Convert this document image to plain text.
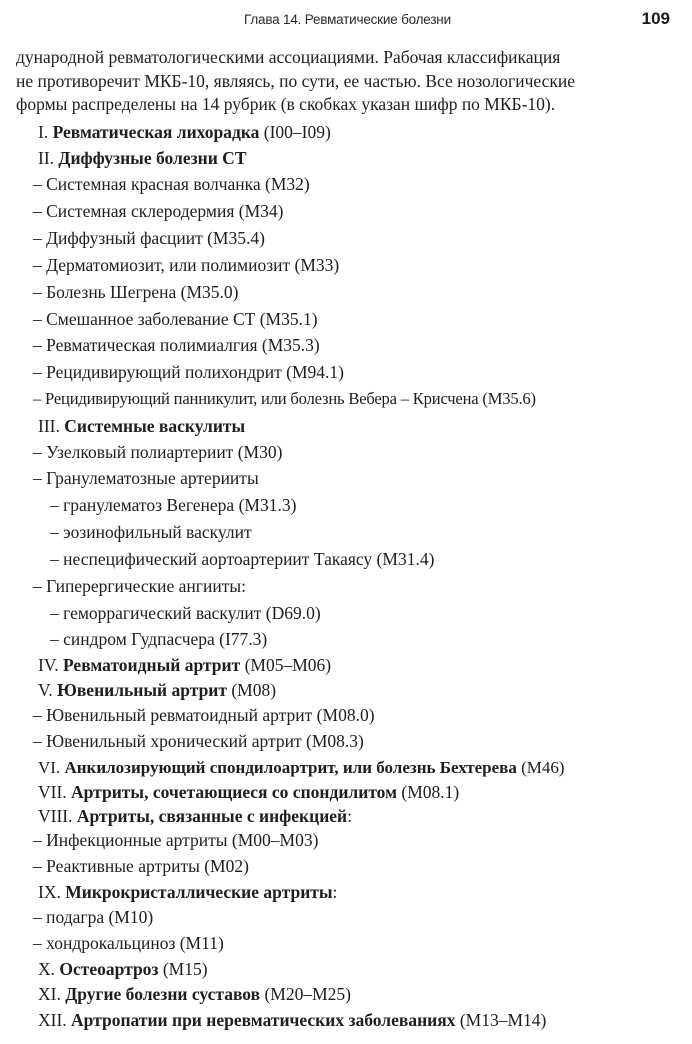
Глава 14. Ревматические болезни	109
дународной ревматологическими ассоциациями. Рабочая классификация
не противоречит МКБ-10, являясь, по сути, ее частью. Все нозологические
формы распределены на 14 рубрик (в скобках указан шифр по МКБ-10).
I. Ревматическая лихорадка (I00–I09)
II. Диффузные болезни СТ
– Системная красная волчанка (М32)
– Системная склеродермия (М34)
– Диффузный фасциит (М35.4)
– Дерматомиозит, или полимиозит (М33)
– Болезнь Шегрена (М35.0)
– Смешанное заболевание СТ (М35.1)
– Ревматическая полимиалгия (М35.3)
– Рецидивирующий полихондрит (М94.1)
– Рецидивирующий панникулит, или болезнь Вебера – Крисчена (М35.6)
III. Системные васкулиты
– Узелковый полиартериит (М30)
– Гранулематозные артерииты
– гранулематоз Вегенера (М31.3)
– эозинофильный васкулит
– неспецифический аортоартериит Такаясу (М31.4)
– Гиперергические ангииты:
– геморрагический васкулит (D69.0)
– синдром Гудпасчера (I77.3)
IV. Ревматоидный артрит (М05–М06)
V. Ювенильный артрит (М08)
– Ювенильный ревматоидный артрит (М08.0)
– Ювенильный хронический артрит (М08.3)
VI. Анкилозирующий спондилоартрит, или болезнь Бехтерева (М46)
VII. Артриты, сочетающиеся со спондилитом (М08.1)
VIII. Артриты, связанные с инфекцией:
– Инфекционные артриты (М00–М03)
– Реактивные артриты (М02)
IX. Микрокристаллические артриты:
– подагра (М10)
– хондрокальциноз (М11)
X. Остеоартроз (М15)
XI. Другие болезни суставов (М20–М25)
XII. Артропатии при неревматических заболеваниях (М13–М14)
